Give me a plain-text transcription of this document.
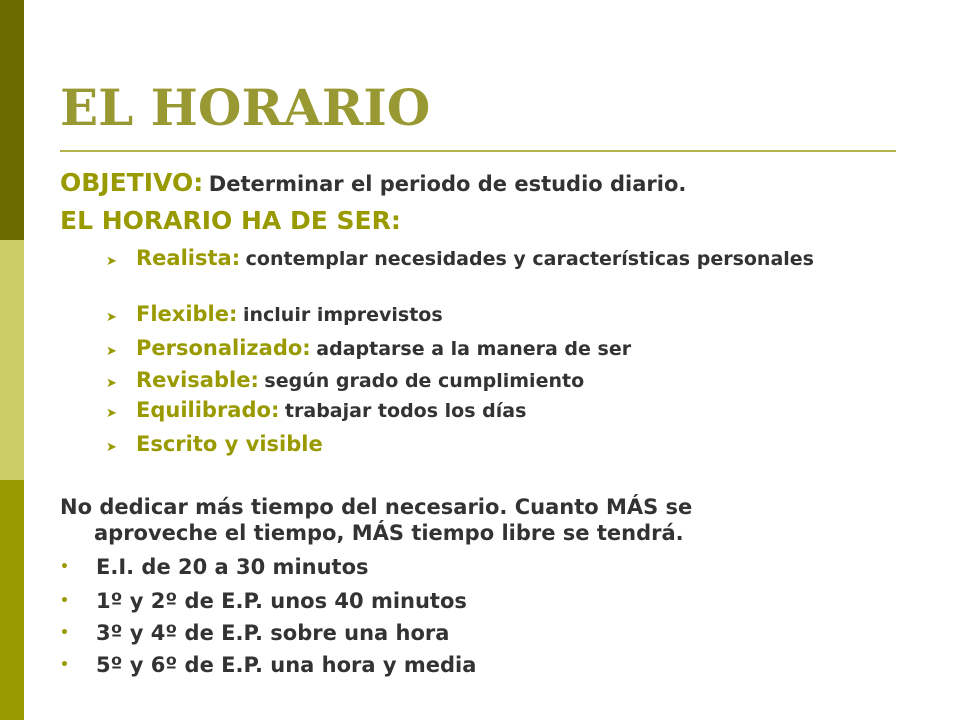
EL HORARIO
OBJETIVO: Determinar el periodo de estudio diario.
EL HORARIO HA DE SER:
➤ Realista: contemplar necesidades y características personales
➤ Flexible: incluir imprevistos
➤ Personalizado: adaptarse a la manera de ser
➤ Revisable: según grado de cumplimiento
➤ Equilibrado: trabajar todos los días
➤ Escrito y visible
No dedicar más tiempo del necesario. Cuanto MÁS se
aproveche el tiempo, MÁS tiempo libre se tendrá.
• E.I. de 20 a 30 minutos
• 1º y 2º de E.P. unos 40 minutos
• 3º y 4º de E.P. sobre una hora
• 5º y 6º de E.P. una hora y media
